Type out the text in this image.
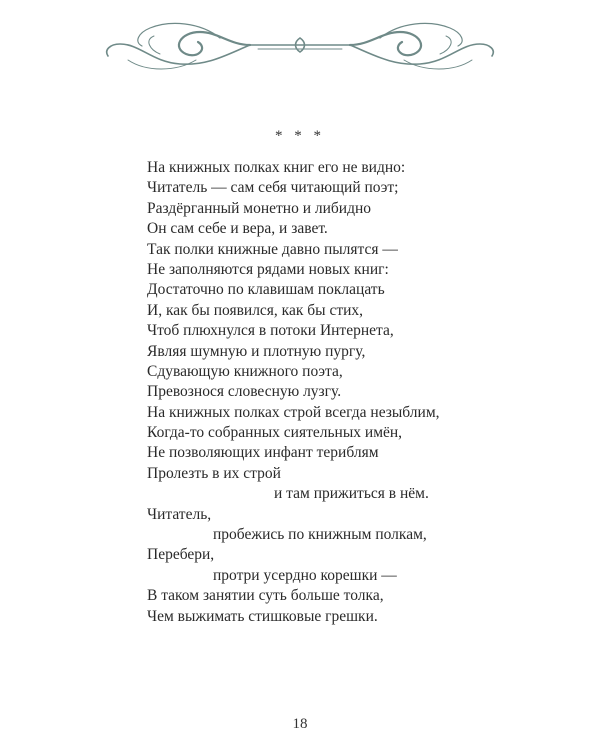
* * *
На книжных полках книг его не видно:
Читатель — сам себя читающий поэт;
Раздёрганный монетно и либидно
Он сам себе и вера, и завет.
Так полки книжные давно пылятся —
Не заполняются рядами новых книг:
Достаточно по клавишам поклацать
И, как бы появился, как бы стих,
Чтоб плюхнулся в потоки Интернета,
Являя шумную и плотную пургу,
Сдувающую книжного поэта,
Превозноcя словесную лузгу.
На книжных полках строй всегда незыблим,
Когда-то собранных сиятельных имён,
Не позволяющих инфант териблям
Пролезть в их строй
и там прижиться в нём.
Читатель,
пробежись по книжным полкам,
Перебери,
протри усердно корешки —
В таком занятии суть больше толка,
Чем выжимать стишковые грешки.
18
